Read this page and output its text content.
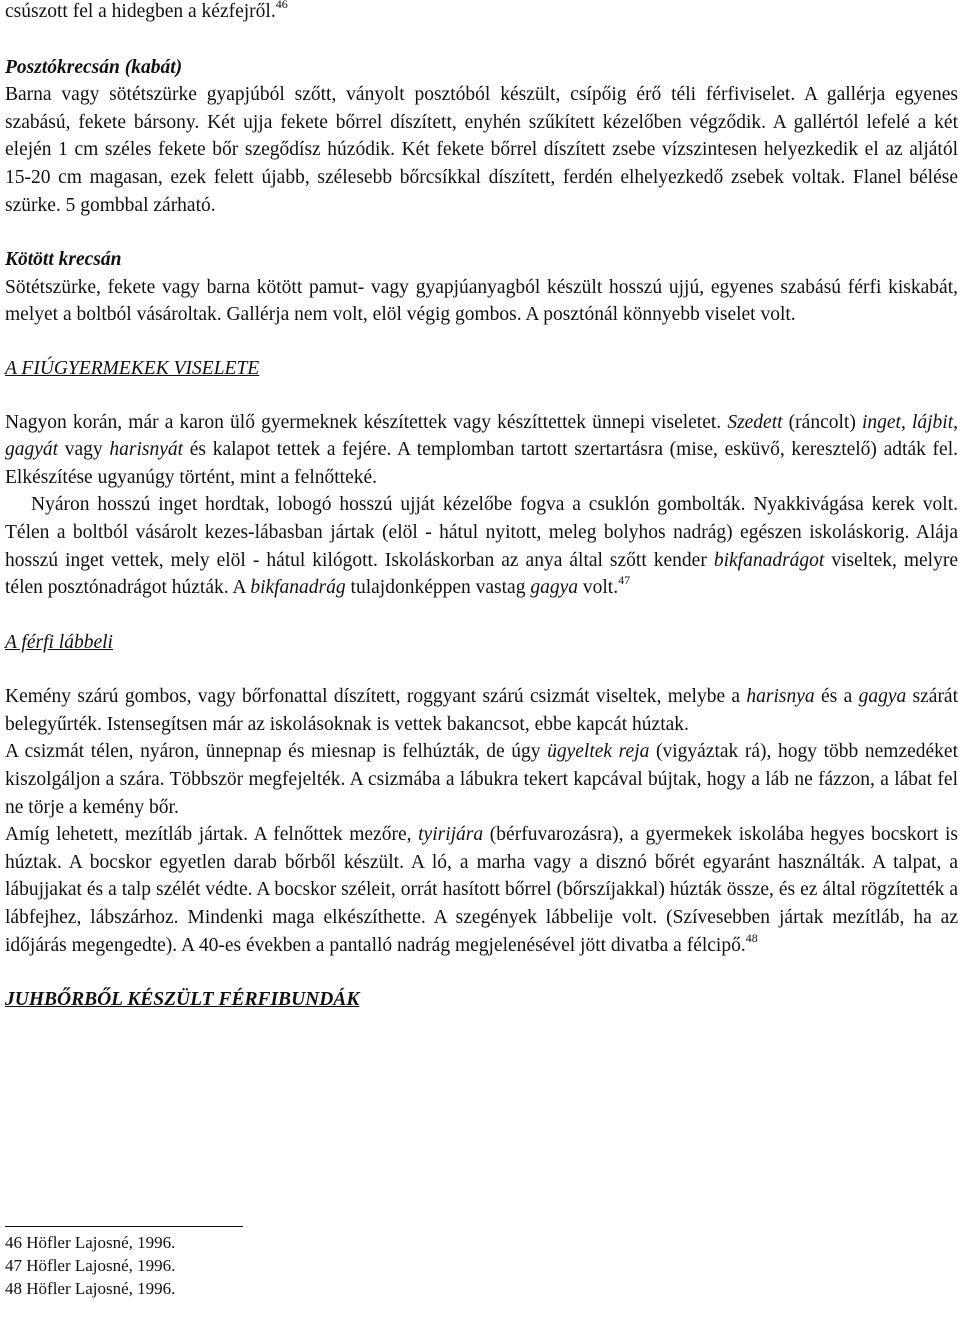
csúszott fel a hidegben a kézfejről.$^{46}$

Posztókrecsán (kabát)

Barna vagy sötétszürke gyapjúból szőtt, ványolt posztóból készült, csípőig érő téli férfiviselet. A gallérja egyenes szabású, fekete bársony. Két ujja fekete bőrrel díszített, enyhén szűkített kézelőben végződik. A gallértól lefelé a két elején 1 cm széles fekete bőr szegődísz húzódik. Két fekete bőrrel díszített zsebe vízszintesen helyezkedik el az aljától 15-20 cm magasan, ezek felett újabb, szélesebb bőrcsíkkal díszített, ferdén elhelyezkedő zsebek voltak. Flanel bélése szürke. 5 gombbal zárható.

Kötött krecsán

Sötétszürke, fekete vagy barna kötött pamut- vagy gyapjúanyagból készült hosszú ujjú, egyenes szabású férfi kiskabát, melyet a boltból vásároltak. Gallérja nem volt, elöl végig gombos. A posztónál könnyebb viselet volt.

A FIÚGYERMEKEK VISELETE

Nagyon korán, már a karon ülő gyermeknek készítettek vagy készíttettek ünnepi viseletet. Szedett (ráncolt) inget, lájbit, gagyát vagy harisnyát és kalapot tettek a fejére. A templomban tartott szertartásra (mise, esküvő, keresztelő) adták fel. Elkészítése ugyanúgy történt, mint a felnőtteké.

Nyáron hosszú inget hordtak, lobogó hosszú ujját kézelőbe fogva a csuklón gombolták. Nyakkivágása kerek volt. Télen a boltból vásárolt kezes-lábasban jártak (elöl - hátul nyitott, meleg bolyhos nadrág) egészen iskoláskorig. Alája hosszú inget vettek, mely elöl - hátul kilógott. Iskoláskorban az anya által szőtt kender bikfanadrágot viseltek, melyre télen posztónadrágot húzták. A bikfanadrág tulajdonképpen vastag gagya volt.$^{47}$

A férfi lábbeli

Kemény szárú gombos, vagy bőrfonattal díszített, roggyant szárú csizmát viseltek, melybe a harisnya és a gagya szárát belegyűrték. Istensegítsen már az iskolásoknak is vettek bakancsot, ebbe kapcát húztak.

A csizmát télen, nyáron, ünnepnap és miesnap is felhúzták, de úgy ügyeltek reja (vigyáztak rá), hogy több nemzedéket kiszolgáljon a szára. Többször megfejelték. A csizmába a lábukra tekert kapcával bújtak, hogy a láb ne fázzon, a lábat fel ne törje a kemény bőr.

Amíg lehetett, mezítláb jártak. A felnőttek mezőre, tyirijára (bérfuvarozásra), a gyermekek iskolába hegyes bocskort is húztak. A bocskor egyetlen darab bőrből készült. A ló, a marha vagy a disznó bőrét egyaránt használták. A talpat, a lábujjakat és a talp szélét védte. A bocskor széleit, orrát hasított bőrrel (bőrszíjakkal) húzták össze, és ez által rögzítették a lábfejhez, lábszárhoz. Mindenki maga elkészíthette. A szegények lábbelije volt. (Szívesebben jártak mezítláb, ha az időjárás megengedte). A 40-es években a pantalló nadrág megjelenésével jött divatba a félcipő.$^{48}$

JUHBŐRBŐL KÉSZÜLT FÉRFIBUNDÁK

46 Höfler Lajosné, 1996.

47 Höfler Lajosné, 1996.

48 Höfler Lajosné, 1996.
